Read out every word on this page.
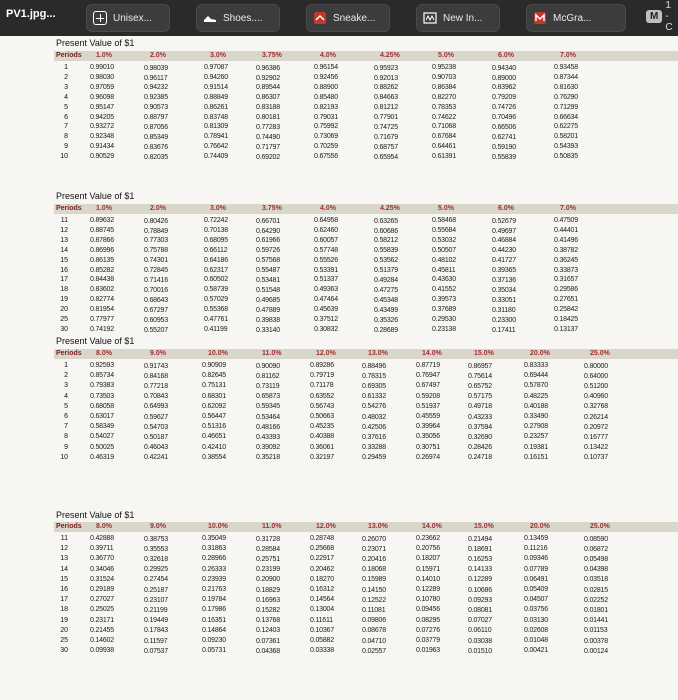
PV1.jpg...	Unisex...	Shoes....	Sneake...	New In...	McGra...	M
1 - C
Present Value of $1
Periods 1.0%	2.0%	3.0%	3.75%	4.0%	4.25%	5.0%	6.0%	7.0%
1	0.99010	0.98039	0.97087	0.96386	0.96154	0.95923	0.95238	0.94340	0.93458
2	0.98030	0.96117	0.94260	0.92902	0.92456	0.92013	0.90703	0.89000	0.87344
3	0.97059	0.94232	0.91514	0.89544	0.88900	0.88262	0.86384	0.83962	0.81630
4	0.96098	0.92385	0.88849	0.86307	0.85480	0.84663	0.82270	0.79209	0.76290
5	0.95147	0.90573	0.86261	0.83188	0.82193	0.81212	0.78353	0.74726	0.71299
6	0.94205	0.88797	0.83748	0.80181	0.79031	0.77901	0.74622	0.70496	0.66634
7	0.93272	0.87056	0.81309	0.77283	0.75992	0.74725	0.71068	0.66506	0.62275
8	0.92348	0.85349	0.78941	0.74490	0.73069	0.71679	0.67684	0.62741	0.58201
9	0.91434	0.83676	0.76642	0.71797	0.70259	0.68757	0.64461	0.59190	0.54393
10	0.90529	0.82035	0.74409	0.69202	0.67556	0.65954	0.61391	0.55839	0.50835
Present Value of $1
Periods 1.0%	2.0%	3.0%	3.75%	4.0%	4.25%	5.0%	6.0%	7.0%
11	0.89632	0.80426	0.72242	0.66701	0.64958	0.63265	0.58468	0.52679	0.47509
12	0.88745	0.78849	0.70138	0.64290	0.62460	0.60686	0.55684	0.49697	0.44401
13	0.87866	0.77303	0.68095	0.61966	0.60057	0.58212	0.53032	0.46884	0.41496
14	0.86996	0.75788	0.66112	0.59726	0.57748	0.55839	0.50507	0.44230	0.38782
15	0.86135	0.74301	0.64186	0.57568	0.55526	0.53562	0.48102	0.41727	0.36245
16	0.85282	0.72845	0.62317	0.55487	0.53391	0.51379	0.45811	0.39365	0.33873
17	0.84438	0.71416	0.60502	0.53481	0.51337	0.49284	0.43630	0.37136	0.31657
18	0.83602	0.70016	0.58739	0.51548	0.49363	0.47275	0.41552	0.35034	0.29586
19	0.82774	0.68643	0.57029	0.49685	0.47464	0.45348	0.39573	0.33051	0.27651
20	0.81954	0.67297	0.55368	0.47889	0.45639	0.43499	0.37689	0.31180	0.25842
25	0.77977	0.60953	0.47761	0.39838	0.37512	0.35326	0.29530	0.23300	0.18425
30	0.74192	0.55207	0.41199	0.33140	0.30832	0.28689	0.23138	0.17411	0.13137
Present Value of $1
Periods 8.0%	9.0%	10.0%	11.0%	12.0%	13.0%	14.0%	15.0%	20.0%	25.0%
1	0.92593	0.91743	0.90909	0.90090	0.89286	0.88496	0.87719	0.86957	0.83333	0.80000
2	0.85734	0.84168	0.82645	0.81162	0.79719	0.78315	0.76947	0.75614	0.69444	0.64000
3	0.79383	0.77218	0.75131	0.73119	0.71178	0.69305	0.67497	0.65752	0.57870	0.51200
4	0.73503	0.70843	0.68301	0.65873	0.63552	0.61332	0.59208	0.57175	0.48225	0.40960
5	0.68058	0.64993	0.62092	0.59345	0.56743	0.54276	0.51937	0.49718	0.40188	0.32768
6	0.63017	0.59627	0.56447	0.53464	0.50663	0.48032	0.45559	0.43233	0.33490	0.26214
7	0.58349	0.54703	0.51316	0.48166	0.45235	0.42506	0.39964	0.37594	0.27908	0.20972
8	0.54027	0.50187	0.46651	0.43393	0.40388	0.37616	0.35056	0.32690	0.23257	0.16777
9	0.50025	0.46043	0.42410	0.39092	0.36061	0.33288	0.30751	0.28426	0.19381	0.13422
10	0.46319	0.42241	0.38554	0.35218	0.32197	0.29459	0.26974	0.24718	0.16151	0.10737
Present Value of $1
Periods 8.0%	9.0%	10.0%	11.0%	12.0%	13.0%	14.0%	15.0%	20.0%	25.0%
11	0.42888	0.38753	0.35049	0.31728	0.28748	0.26070	0.23662	0.21494	0.13459	0.08590
12	0.39711	0.35553	0.31863	0.28584	0.25668	0.23071	0.20756	0.18691	0.11216	0.06872
13	0.36770	0.32618	0.28966	0.25751	0.22917	0.20416	0.18207	0.16253	0.09346	0.05498
14	0.34046	0.29925	0.26333	0.23199	0.20462	0.18068	0.15971	0.14133	0.07789	0.04398
15	0.31524	0.27454	0.23939	0.20900	0.18270	0.15989	0.14010	0.12289	0.06491	0.03518
16	0.29189	0.25187	0.21763	0.18829	0.16312	0.14150	0.12289	0.10686	0.05409	0.02815
17	0.27027	0.23107	0.19784	0.16963	0.14564	0.12522	0.10780	0.09293	0.04507	0.02252
18	0.25025	0.21199	0.17986	0.15282	0.13004	0.11081	0.09456	0.08081	0.03756	0.01801
19	0.23171	0.19449	0.16351	0.13768	0.11611	0.09806	0.08295	0.07027	0.03130	0.01441
20	0.21455	0.17843	0.14864	0.12403	0.10367	0.08678	0.07276	0.06110	0.02608	0.01153
25	0.14602	0.11597	0.09230	0.07361	0.05882	0.04710	0.03779	0.03038	0.01048	0.00378
30	0.09938	0.07537	0.05731	0.04368	0.03338	0.02557	0.01963	0.01510	0.00421	0.00124
